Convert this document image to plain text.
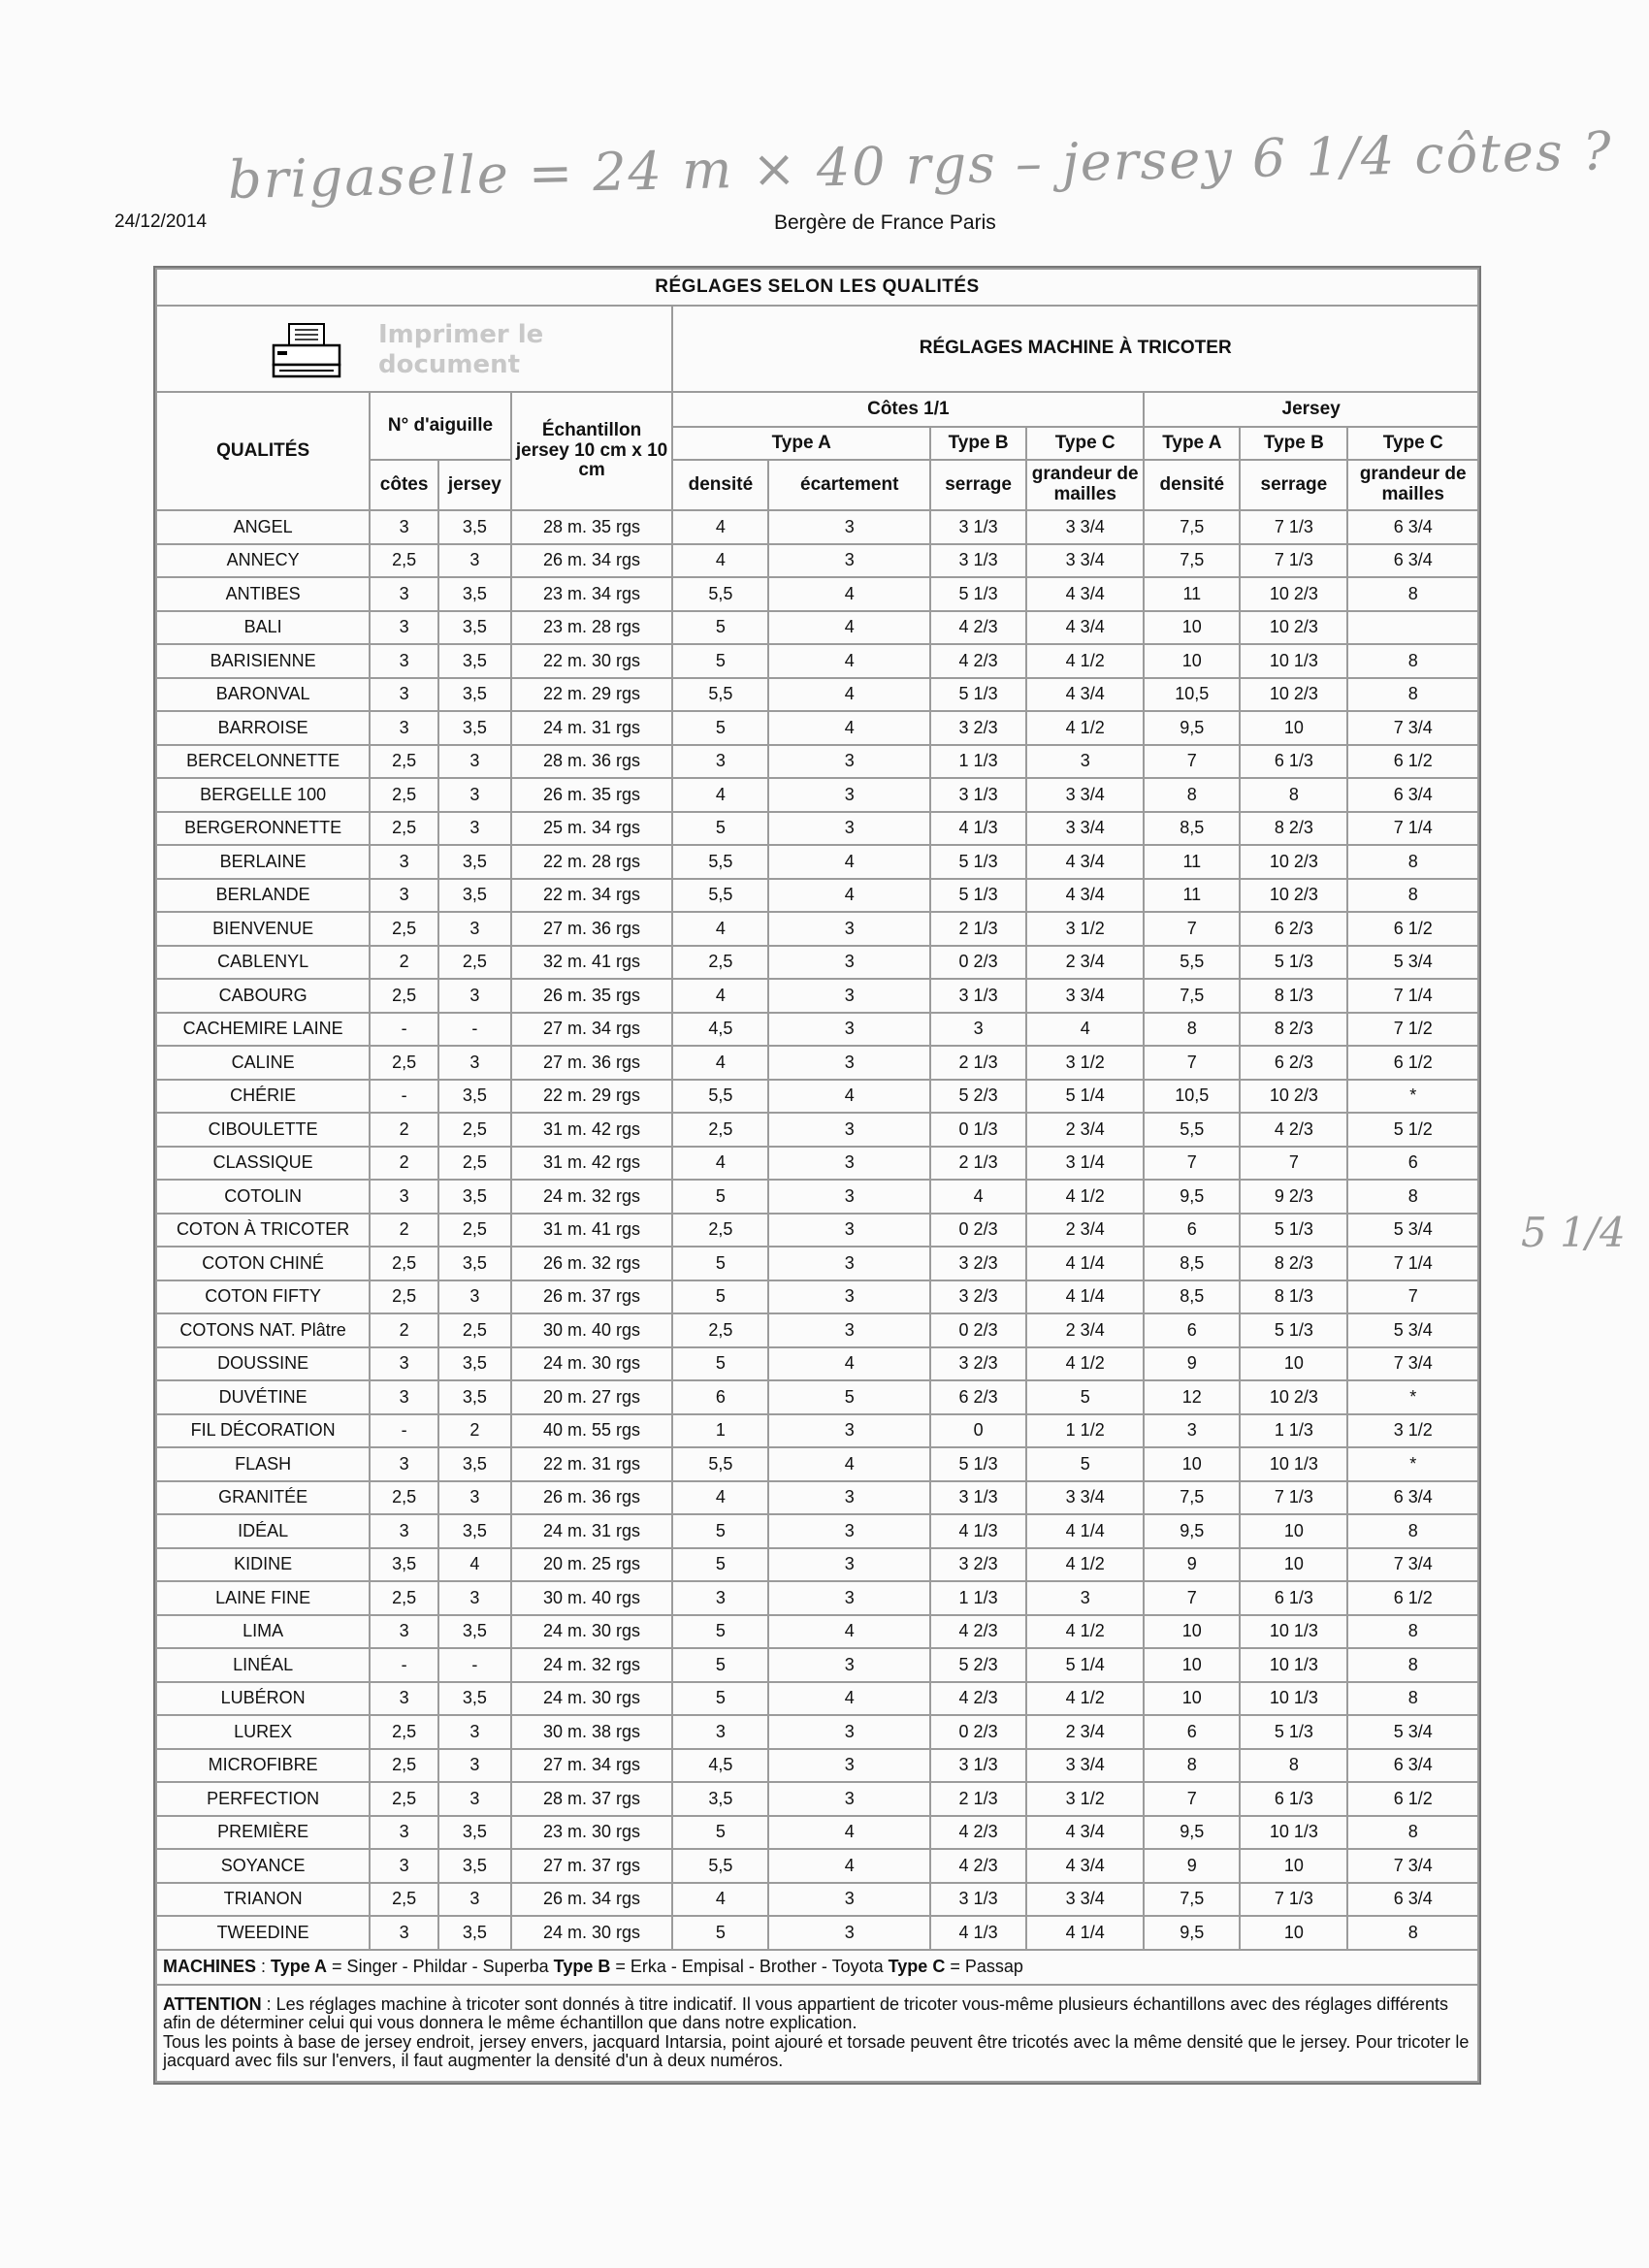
brigaselle = 24 m × 40 rgs – jersey 6 1/4 côtes ?
5 1/4
24/12/2014	Bergère de France Paris
RÉGLAGES SELON LES QUALITÉS										

Imprimer le document				RÉGLAGES MACHINE À TRICOTER						
QUALITÉS	N° d'aiguille		Échantillon jersey 10 cm x 10 cm	Côtes 1/1				Jersey		
				Type A		Type B	Type C	Type A	Type B	Type C
	côtes	jersey		densité	écartement	serrage	grandeur de mailles	densité	serrage	grandeur de mailles
ANGEL	3	3,5	28 m. 35 rgs	4	3	3 1/3	3 3/4	7,5	7 1/3	6 3/4
ANNECY	2,5	3	26 m. 34 rgs	4	3	3 1/3	3 3/4	7,5	7 1/3	6 3/4
ANTIBES	3	3,5	23 m. 34 rgs	5,5	4	5 1/3	4 3/4	11	10 2/3	8
BALI	3	3,5	23 m. 28 rgs	5	4	4 2/3	4 3/4	10	10 2/3	
BARISIENNE	3	3,5	22 m. 30 rgs	5	4	4 2/3	4 1/2	10	10 1/3	8
BARONVAL	3	3,5	22 m. 29 rgs	5,5	4	5 1/3	4 3/4	10,5	10 2/3	8
BARROISE	3	3,5	24 m. 31 rgs	5	4	3 2/3	4 1/2	9,5	10	7 3/4
BERCELONNETTE	2,5	3	28 m. 36 rgs	3	3	1 1/3	3	7	6 1/3	6 1/2
BERGELLE 100	2,5	3	26 m. 35 rgs	4	3	3 1/3	3 3/4	8	8	6 3/4
BERGERONNETTE	2,5	3	25 m. 34 rgs	5	3	4 1/3	3 3/4	8,5	8 2/3	7 1/4
BERLAINE	3	3,5	22 m. 28 rgs	5,5	4	5 1/3	4 3/4	11	10 2/3	8
BERLANDE	3	3,5	22 m. 34 rgs	5,5	4	5 1/3	4 3/4	11	10 2/3	8
BIENVENUE	2,5	3	27 m. 36 rgs	4	3	2 1/3	3 1/2	7	6 2/3	6 1/2
CABLENYL	2	2,5	32 m. 41 rgs	2,5	3	0 2/3	2 3/4	5,5	5 1/3	5 3/4
CABOURG	2,5	3	26 m. 35 rgs	4	3	3 1/3	3 3/4	7,5	8 1/3	7 1/4
CACHEMIRE LAINE	-	-	27 m. 34 rgs	4,5	3	3	4	8	8 2/3	7 1/2
CALINE	2,5	3	27 m. 36 rgs	4	3	2 1/3	3 1/2	7	6 2/3	6 1/2
CHÉRIE	-	3,5	22 m. 29 rgs	5,5	4	5 2/3	5 1/4	10,5	10 2/3	*
CIBOULETTE	2	2,5	31 m. 42 rgs	2,5	3	0 1/3	2 3/4	5,5	4 2/3	5 1/2
CLASSIQUE	2	2,5	31 m. 42 rgs	4	3	2 1/3	3 1/4	7	7	6
COTOLIN	3	3,5	24 m. 32 rgs	5	3	4	4 1/2	9,5	9 2/3	8
COTON À TRICOTER	2	2,5	31 m. 41 rgs	2,5	3	0 2/3	2 3/4	6	5 1/3	5 3/4
COTON CHINÉ	2,5	3,5	26 m. 32 rgs	5	3	3 2/3	4 1/4	8,5	8 2/3	7 1/4
COTON FIFTY	2,5	3	26 m. 37 rgs	5	3	3 2/3	4 1/4	8,5	8 1/3	7
COTONS NAT. Plâtre	2	2,5	30 m. 40 rgs	2,5	3	0 2/3	2 3/4	6	5 1/3	5 3/4
DOUSSINE	3	3,5	24 m. 30 rgs	5	4	3 2/3	4 1/2	9	10	7 3/4
DUVÉTINE	3	3,5	20 m. 27 rgs	6	5	6 2/3	5	12	10 2/3	*
FIL DÉCORATION	-	2	40 m. 55 rgs	1	3	0	1 1/2	3	1 1/3	3 1/2
FLASH	3	3,5	22 m. 31 rgs	5,5	4	5 1/3	5	10	10 1/3	*
GRANITÉE	2,5	3	26 m. 36 rgs	4	3	3 1/3	3 3/4	7,5	7 1/3	6 3/4
IDÉAL	3	3,5	24 m. 31 rgs	5	3	4 1/3	4 1/4	9,5	10	8
KIDINE	3,5	4	20 m. 25 rgs	5	3	3 2/3	4 1/2	9	10	7 3/4
LAINE FINE	2,5	3	30 m. 40 rgs	3	3	1 1/3	3	7	6 1/3	6 1/2
LIMA	3	3,5	24 m. 30 rgs	5	4	4 2/3	4 1/2	10	10 1/3	8
LINÉAL	-	-	24 m. 32 rgs	5	3	5 2/3	5 1/4	10	10 1/3	8
LUBÉRON	3	3,5	24 m. 30 rgs	5	4	4 2/3	4 1/2	10	10 1/3	8
LUREX	2,5	3	30 m. 38 rgs	3	3	0 2/3	2 3/4	6	5 1/3	5 3/4
MICROFIBRE	2,5	3	27 m. 34 rgs	4,5	3	3 1/3	3 3/4	8	8	6 3/4
PERFECTION	2,5	3	28 m. 37 rgs	3,5	3	2 1/3	3 1/2	7	6 1/3	6 1/2
PREMIÈRE	3	3,5	23 m. 30 rgs	5	4	4 2/3	4 3/4	9,5	10 1/3	8
SOYANCE	3	3,5	27 m. 37 rgs	5,5	4	4 2/3	4 3/4	9	10	7 3/4
TRIANON	2,5	3	26 m. 34 rgs	4	3	3 1/3	3 3/4	7,5	7 1/3	6 3/4
TWEEDINE	3	3,5	24 m. 30 rgs	5	3	4 1/3	4 1/4	9,5	10	8
MACHINES : Type A = Singer - Phildar - Superba Type B = Erka - Empisal - Brother - Toyota Type C = Passap										
ATTENTION : Les réglages machine à tricoter sont donnés à titre indicatif. Il vous appartient de tricoter vous-même plusieurs échantillons avec des réglages différents afin de déterminer celui qui vous donnera le même échantillon que dans notre explication.
Tous les points à base de jersey endroit, jersey envers, jacquard Intarsia, point ajouré et torsade peuvent être tricotés avec la même densité que le jersey. Pour tricoter le jacquard avec fils sur l'envers, il faut augmenter la densité d'un à deux numéros.										
